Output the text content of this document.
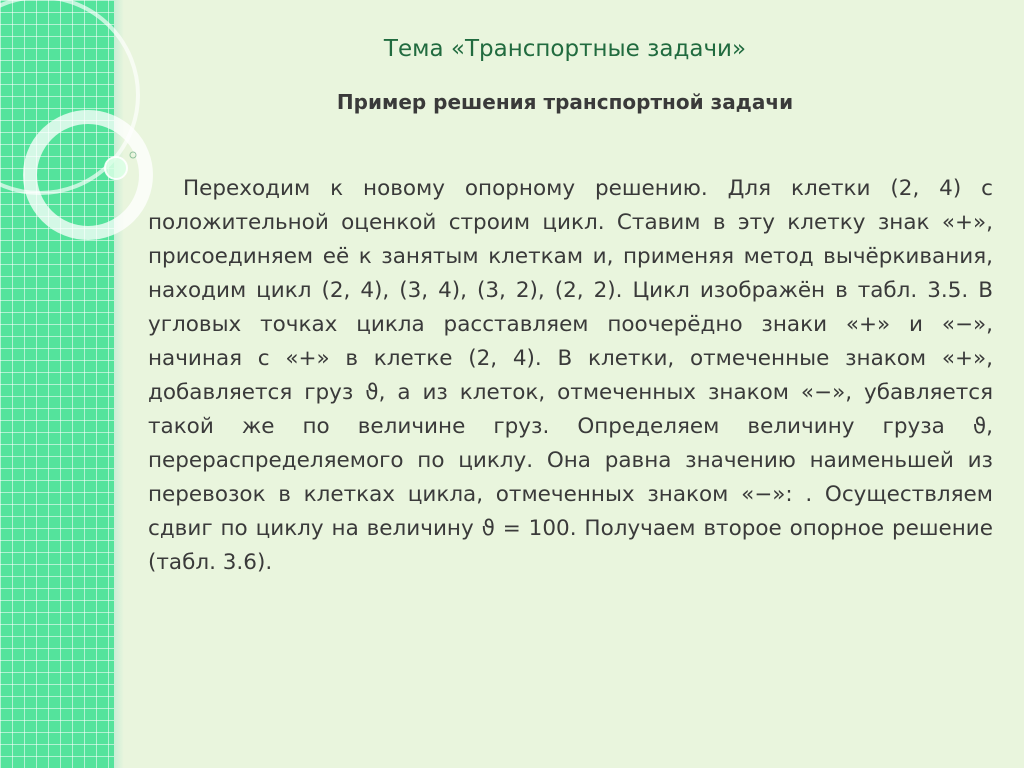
Тема «Транспортные задачи»
Пример решения транспортной задачи

Переходим к новому опорному решению. Для клетки (2, 4) с положительной оценкой строим цикл. Ставим в эту клетку знак «+», присоединяем её к занятым клеткам и, применяя метод вычёркивания, находим цикл (2, 4), (3, 4), (3, 2), (2, 2). Цикл изображён в табл. 3.5. В угловых точках цикла расставляем поочерёдно знаки «+» и «−», начиная с «+» в клетке (2, 4). В клетки, отмеченные знаком «+», добавляется груз ϑ, а из клеток, отмеченных знаком «−», убавляется такой же по величине груз. Определяем величину груза ϑ, перераспределяемого по циклу. Она равна значению наименьшей из перевозок в клетках цикла, отмеченных знаком «−»: . Осуществляем сдвиг по циклу на величину ϑ = 100. Получаем второе опорное решение (табл. 3.6).
